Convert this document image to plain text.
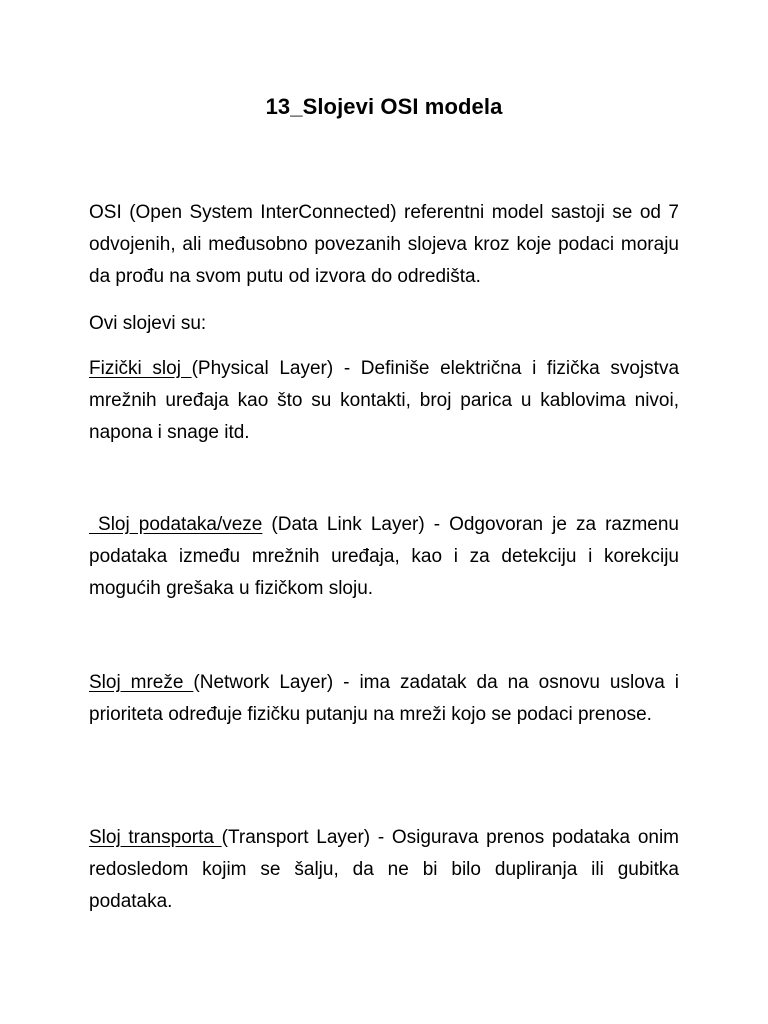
13_Slojevi OSI modela

OSI (Open System InterConnected) referentni model sastoji se od 7 odvojenih, ali međusobno povezanih slojeva kroz koje podaci moraju da prođu na svom putu od izvora do odredišta.

Ovi slojevi su:

Fizički sloj (Physical Layer) - Definiše električna i fizička svojstva mrežnih uređaja kao što su kontakti, broj parica u kablovima nivoi, napona i snage itd.

Sloj podataka/veze (Data Link Layer) - Odgovoran je za razmenu podataka između mrežnih uređaja, kao i za detekciju i korekciju mogućih grešaka u fizičkom sloju.

Sloj mreže (Network Layer) - ima zadatak da na osnovu uslova i prioriteta određuje fizičku putanju na mreži kojo se podaci prenose.

Sloj transporta (Transport Layer) - Osigurava prenos podataka onim redosledom kojim se šalju, da ne bi bilo dupliranja ili gubitka podataka.
